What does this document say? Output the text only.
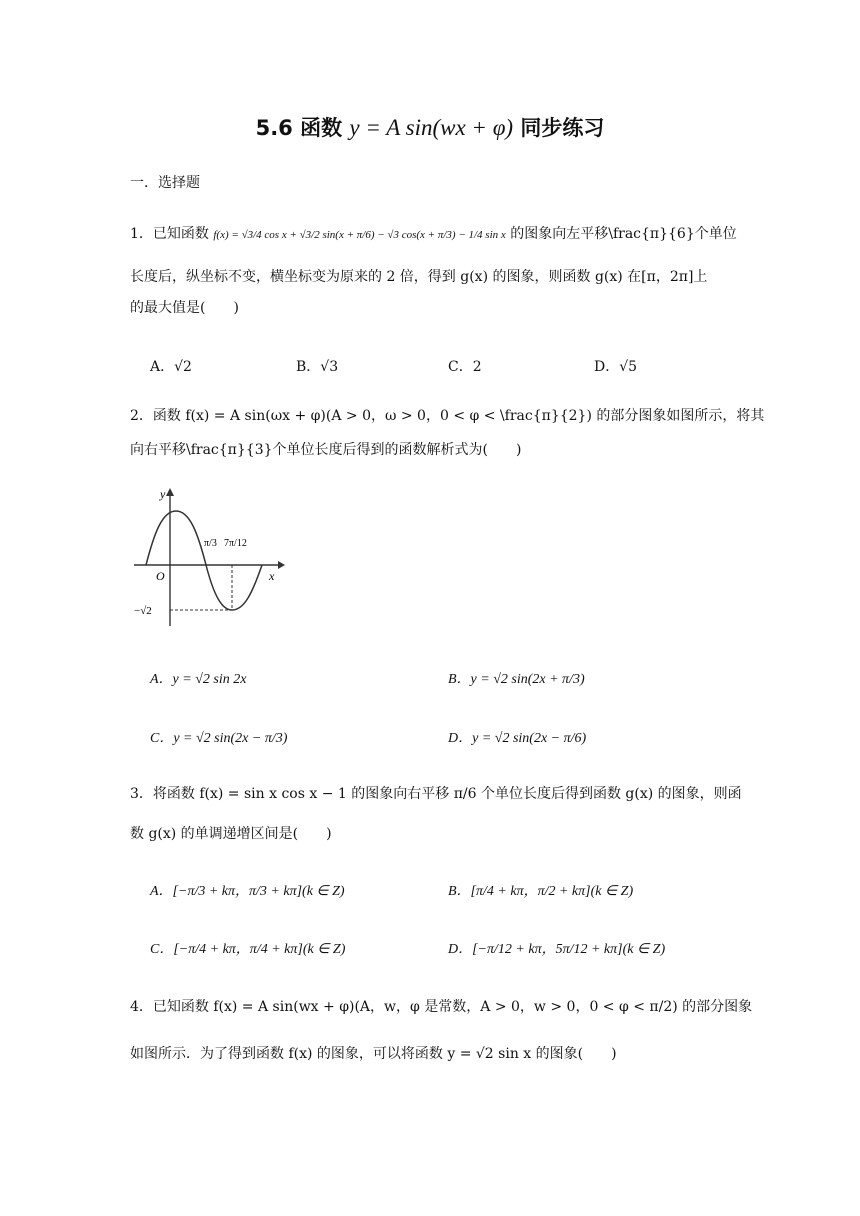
5.6 函数 y = A sin(wx + φ) 同步练习
一．选择题
1．已知函数 f(x) = √3/4 cos x + √3/2 sin(x + π/6) − √3 cos(x + π/3) − 1/4 sin x 的图象向左平移\frac{π}{6}个单位
长度后，纵坐标不变，横坐标变为原来的 2 倍，得到 g(x) 的图象，则函数 g(x) 在[π，2π]上
的最大值是(　　)
A．√2	B．√3	C．2	D．√5
2．函数 f(x) = A sin(ωx + φ)(A > 0，ω > 0，0 < φ < \frac{π}{2}) 的部分图象如图所示，将其
向右平移\frac{π}{3}个单位长度后得到的函数解析式为(　　)
y
x
O
π/3 7π/12
−√2
A．y = √2 sin 2x	B．y = √2 sin(2x + π/3)
C．y = √2 sin(2x − π/3)	D．y = √2 sin(2x − π/6)
3．将函数 f(x) = sin x cos x − 1 的图象向右平移 π/6 个单位长度后得到函数 g(x) 的图象，则函
数 g(x) 的单调递增区间是(　　)
A．[−π/3 + kπ，π/3 + kπ](k ∈ Z)	B．[π/4 + kπ，π/2 + kπ](k ∈ Z)
C．[−π/4 + kπ，π/4 + kπ](k ∈ Z)	D．[−π/12 + kπ，5π/12 + kπ](k ∈ Z)
4．已知函数 f(x) = A sin(wx + φ)(A，w，φ 是常数，A > 0，w > 0，0 < φ < π/2) 的部分图象
如图所示．为了得到函数 f(x) 的图象，可以将函数 y = √2 sin x 的图象(　　)
